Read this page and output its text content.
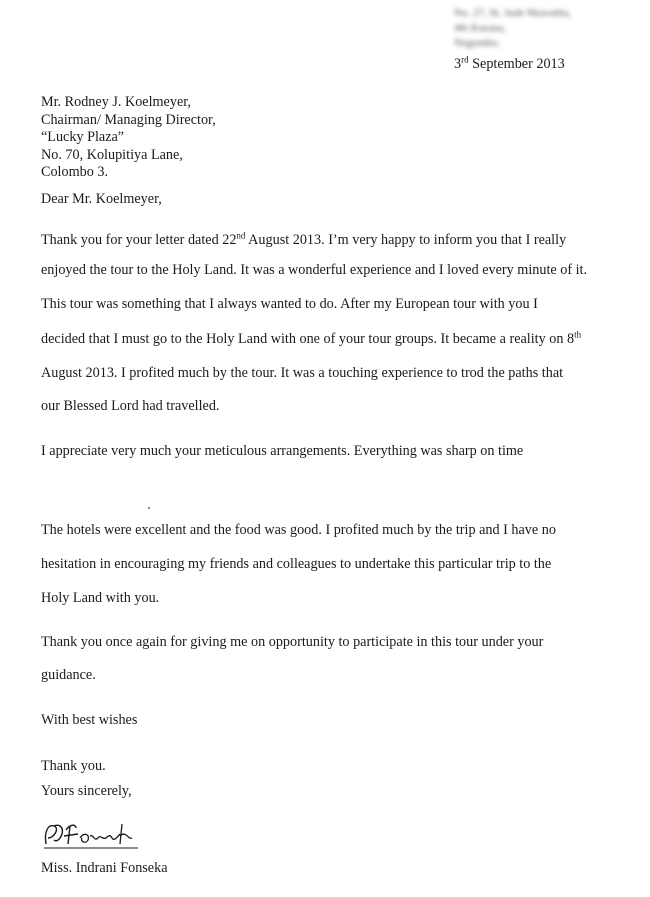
No. 27, St. Jude Mawatha,
4th Kurana,
Negombo.
3rd September 2013
Mr. Rodney J. Koelmeyer,
Chairman/ Managing Director,
“Lucky Plaza”
No. 70, Kolupitiya Lane,
Colombo 3.
Dear Mr. Koelmeyer,
Thank you for your letter dated 22nd August 2013. I’m very happy to inform you that I really
enjoyed the tour to the Holy Land. It was a wonderful experience and I loved every minute of it.
This tour was something that I always wanted to do. After my European tour with you I
decided that I must go to the Holy Land with one of your tour groups. It became a reality on 8th
August 2013. I profited much by the tour. It was a touching experience to trod the paths that
our Blessed Lord had travelled.
I appreciate very much your meticulous arrangements. Everything was sharp on time
The hotels were excellent and the food was good. I profited much by the trip and I have no
hesitation in encouraging my friends and colleagues to undertake this particular trip to the
Holy Land with you.
Thank you once again for giving me on opportunity to participate in this tour under your
guidance.
With best wishes
Thank you.
Yours sincerely,
Miss. Indrani Fonseka
